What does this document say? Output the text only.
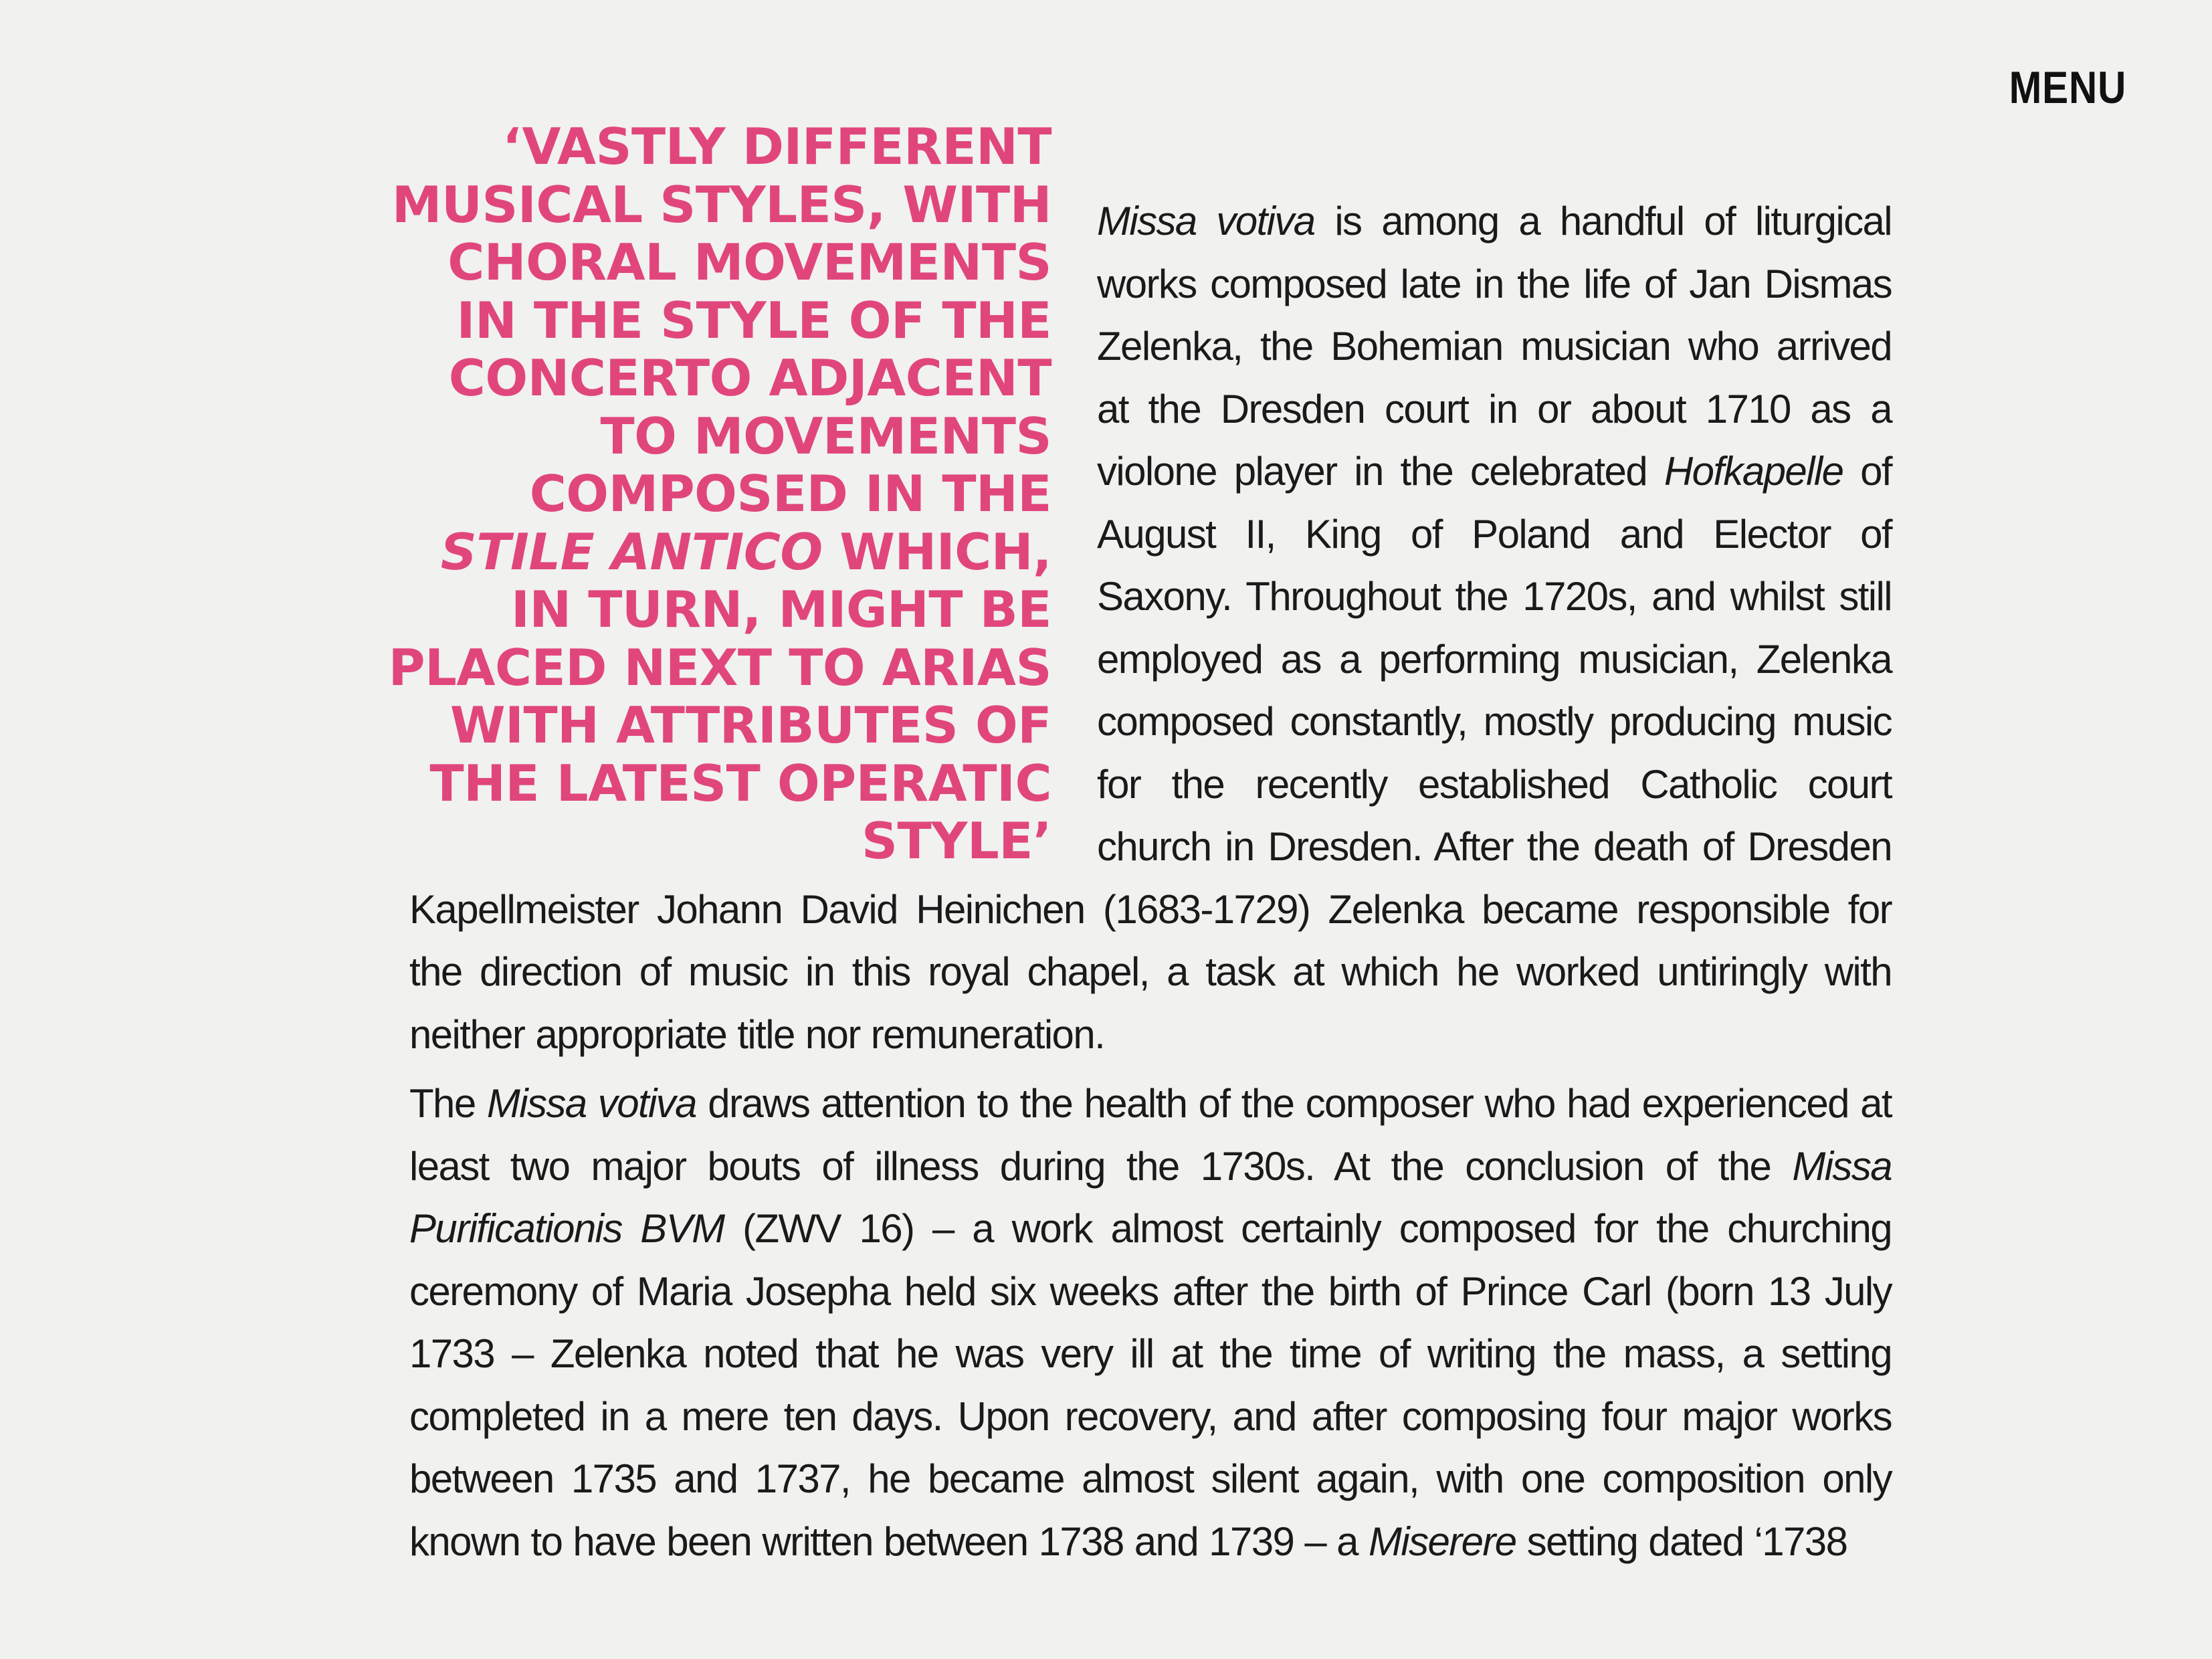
MENU
‘VASTLY DIFFERENT MUSICAL STYLES, WITH CHORAL MOVEMENTS IN THE STYLE OF THE CONCERTO ADJACENT TO MOVEMENTS COMPOSED IN THE STILE ANTICO WHICH, IN TURN, MIGHT BE PLACED NEXT TO ARIAS WITH ATTRIBUTES OF THE LATEST OPERATIC STYLE’

Missa votiva is among a handful of liturgical works composed late in the life of Jan Dismas Zelenka, the Bohemian musician who arrived at the Dresden court in or about 1710 as a violone player in the celebrated Hofkapelle of August II, King of Poland and Elector of Saxony. Throughout the 1720s, and whilst still employed as a performing musician, Zelenka composed constantly, mostly producing music for the recently established Catholic court church in Dresden. After the death of Dresden Kapellmeister Johann David Heinichen (1683-1729) Zelenka became responsible for the direction of music in this royal chapel, a task at which he worked untiringly with neither appropriate title nor remuneration.

The Missa votiva draws attention to the health of the composer who had experienced at least two major bouts of illness during the 1730s. At the conclusion of the Missa Purificationis BVM (ZWV 16) – a work almost certainly composed for the churching ceremony of Maria Josepha held six weeks after the birth of Prince Carl (born 13 July 1733 – Zelenka noted that he was very ill at the time of writing the mass, a setting completed in a mere ten days. Upon recovery, and after composing four major works between 1735 and 1737, he became almost silent again, with one composition only known to have been written between 1738 and 1739 – a Miserere setting dated ‘1738
